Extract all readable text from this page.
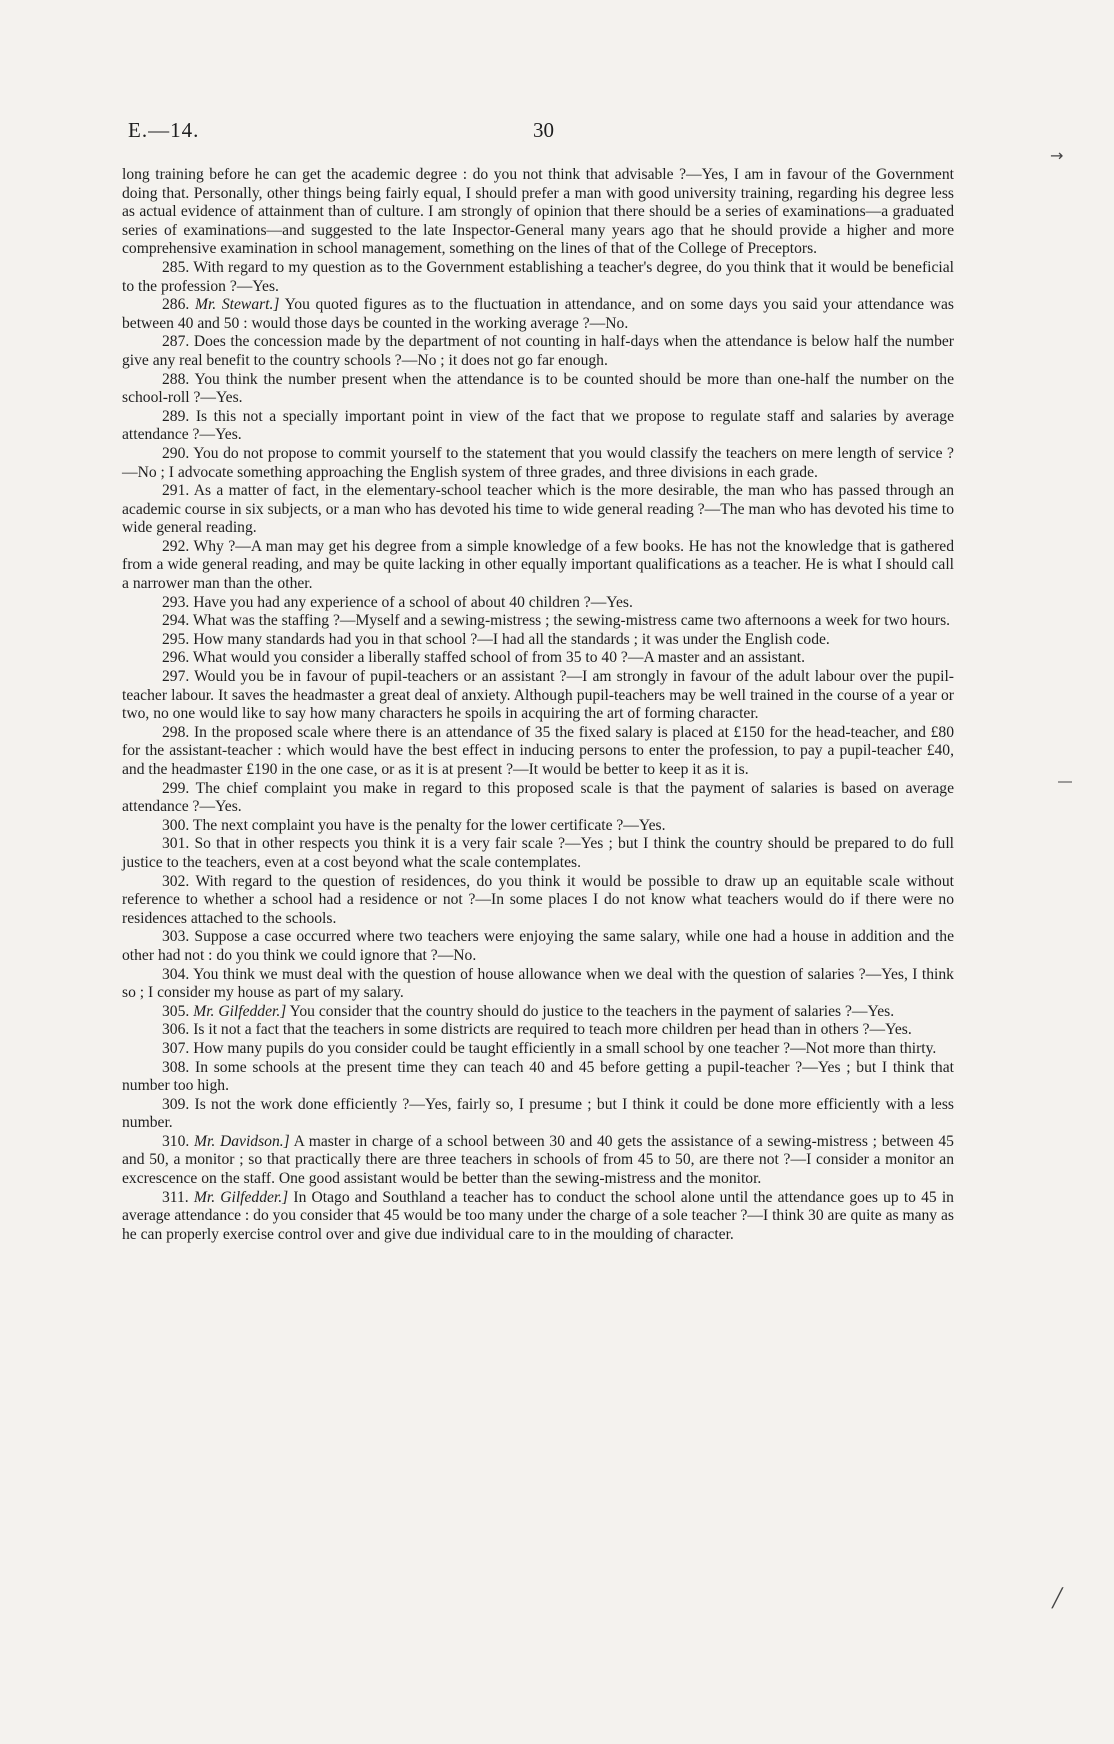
E.—14.	30
→
―
╱

long training before he can get the academic degree : do you not think that advisable ?—Yes, I am in favour of the Government doing that. Personally, other things being fairly equal, I should prefer a man with good university training, regarding his degree less as actual evidence of attainment than of culture. I am strongly of opinion that there should be a series of examinations—a graduated series of examinations—and suggested to the late Inspector-General many years ago that he should provide a higher and more comprehensive examination in school management, something on the lines of that of the College of Preceptors.

285. With regard to my question as to the Government establishing a teacher's degree, do you think that it would be beneficial to the profession ?—Yes.

286. Mr. Stewart.] You quoted figures as to the fluctuation in attendance, and on some days you said your attendance was between 40 and 50 : would those days be counted in the working average ?—No.

287. Does the concession made by the department of not counting in half-days when the attendance is below half the number give any real benefit to the country schools ?—No ; it does not go far enough.

288. You think the number present when the attendance is to be counted should be more than one-half the number on the school-roll ?—Yes.

289. Is this not a specially important point in view of the fact that we propose to regulate staff and salaries by average attendance ?—Yes.

290. You do not propose to commit yourself to the statement that you would classify the teachers on mere length of service ?—No ; I advocate something approaching the English system of three grades, and three divisions in each grade.

291. As a matter of fact, in the elementary-school teacher which is the more desirable, the man who has passed through an academic course in six subjects, or a man who has devoted his time to wide general reading ?—The man who has devoted his time to wide general reading.

292. Why ?—A man may get his degree from a simple knowledge of a few books. He has not the knowledge that is gathered from a wide general reading, and may be quite lacking in other equally important qualifications as a teacher. He is what I should call a narrower man than the other.

293. Have you had any experience of a school of about 40 children ?—Yes.

294. What was the staffing ?—Myself and a sewing-mistress ; the sewing-mistress came two afternoons a week for two hours.

295. How many standards had you in that school ?—I had all the standards ; it was under the English code.

296. What would you consider a liberally staffed school of from 35 to 40 ?—A master and an assistant.

297. Would you be in favour of pupil-teachers or an assistant ?—I am strongly in favour of the adult labour over the pupil-teacher labour. It saves the headmaster a great deal of anxiety. Although pupil-teachers may be well trained in the course of a year or two, no one would like to say how many characters he spoils in acquiring the art of forming character.

298. In the proposed scale where there is an attendance of 35 the fixed salary is placed at £150 for the head-teacher, and £80 for the assistant-teacher : which would have the best effect in inducing persons to enter the profession, to pay a pupil-teacher £40, and the headmaster £190 in the one case, or as it is at present ?—It would be better to keep it as it is.

299. The chief complaint you make in regard to this proposed scale is that the payment of salaries is based on average attendance ?—Yes.

300. The next complaint you have is the penalty for the lower certificate ?—Yes.

301. So that in other respects you think it is a very fair scale ?—Yes ; but I think the country should be prepared to do full justice to the teachers, even at a cost beyond what the scale contemplates.

302. With regard to the question of residences, do you think it would be possible to draw up an equitable scale without reference to whether a school had a residence or not ?—In some places I do not know what teachers would do if there were no residences attached to the schools.

303. Suppose a case occurred where two teachers were enjoying the same salary, while one had a house in addition and the other had not : do you think we could ignore that ?—No.

304. You think we must deal with the question of house allowance when we deal with the question of salaries ?—Yes, I think so ; I consider my house as part of my salary.

305. Mr. Gilfedder.] You consider that the country should do justice to the teachers in the payment of salaries ?—Yes.

306. Is it not a fact that the teachers in some districts are required to teach more children per head than in others ?—Yes.

307. How many pupils do you consider could be taught efficiently in a small school by one teacher ?—Not more than thirty.

308. In some schools at the present time they can teach 40 and 45 before getting a pupil-teacher ?—Yes ; but I think that number too high.

309. Is not the work done efficiently ?—Yes, fairly so, I presume ; but I think it could be done more efficiently with a less number.

310. Mr. Davidson.] A master in charge of a school between 30 and 40 gets the assistance of a sewing-mistress ; between 45 and 50, a monitor ; so that practically there are three teachers in schools of from 45 to 50, are there not ?—I consider a monitor an excrescence on the staff. One good assistant would be better than the sewing-mistress and the monitor.

311. Mr. Gilfedder.] In Otago and Southland a teacher has to conduct the school alone until the attendance goes up to 45 in average attendance : do you consider that 45 would be too many under the charge of a sole teacher ?—I think 30 are quite as many as he can properly exercise control over and give due individual care to in the moulding of character.
